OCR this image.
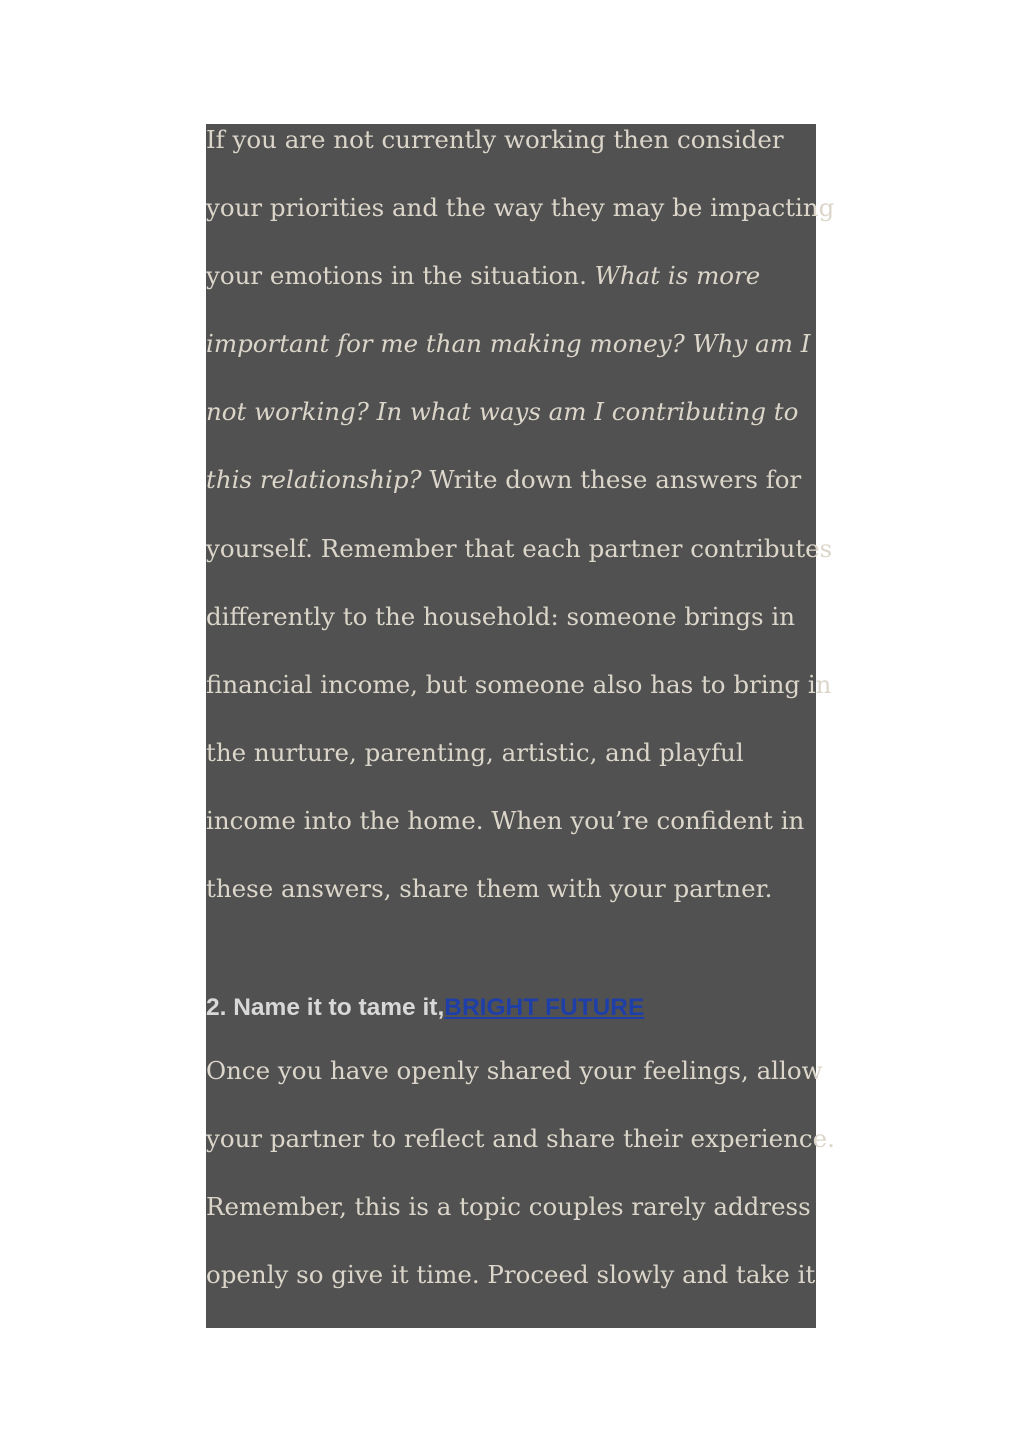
If you are not currently working then consider
your priorities and the way they may be impacting
your emotions in the situation. What is more
important for me than making money? Why am I
not working? In what ways am I contributing to
this relationship? Write down these answers for
yourself. Remember that each partner contributes
differently to the household: someone brings in
financial income, but someone also has to bring in
the nurture, parenting, artistic, and playful
income into the home. When you’re confident in
these answers, share them with your partner.

2. Name it to tame it,BRIGHT FUTURE

Once you have openly shared your feelings, allow
your partner to reflect and share their experience.
Remember, this is a topic couples rarely address
openly so give it time. Proceed slowly and take it
